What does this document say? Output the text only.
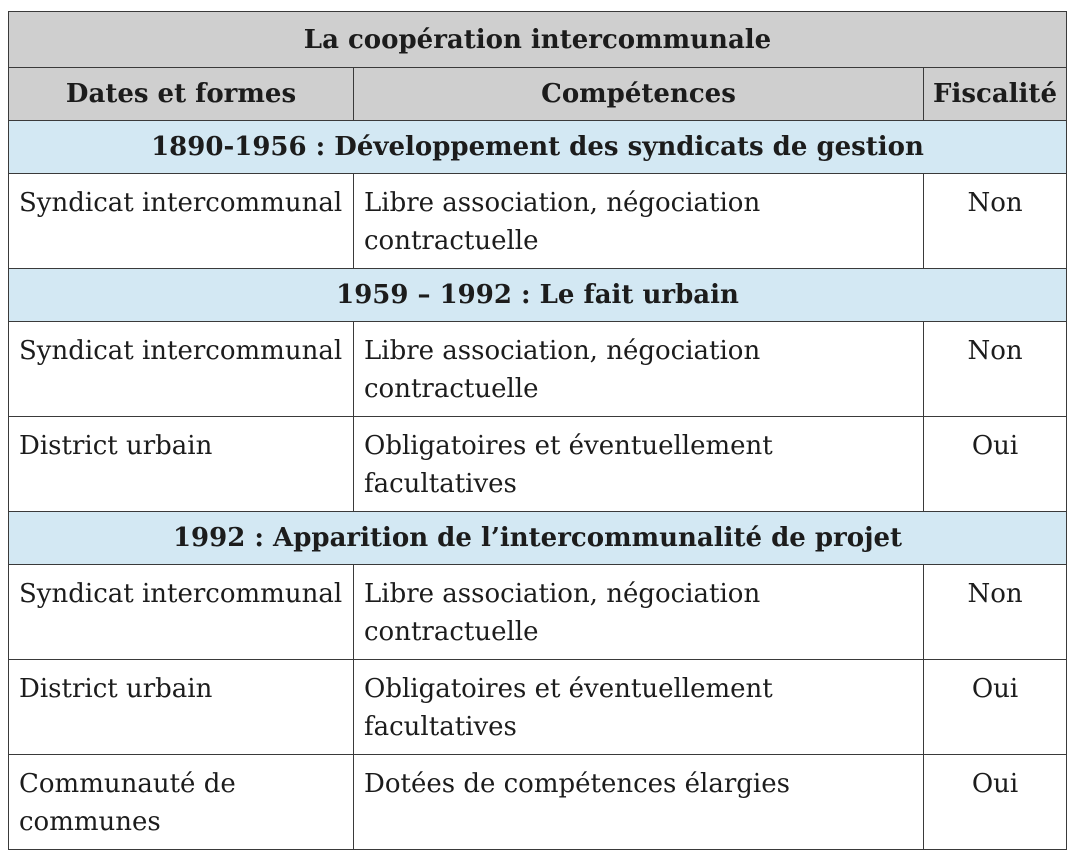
La coopération intercommunale		
Dates et formes	Compétences	Fiscalité
1890-1956 : Développement des syndicats de gestion		
Syndicat intercommunal	Libre association, négociation contractuelle	Non
1959 – 1992 : Le fait urbain		
Syndicat intercommunal	Libre association, négociation contractuelle	Non
District urbain	Obligatoires et éventuellement facultatives	Oui
1992 : Apparition de l’intercommunalité de projet		
Syndicat intercommunal	Libre association, négociation contractuelle	Non
District urbain	Obligatoires et éventuellement facultatives	Oui
Communauté de communes	Dotées de compétences élargies	Oui
